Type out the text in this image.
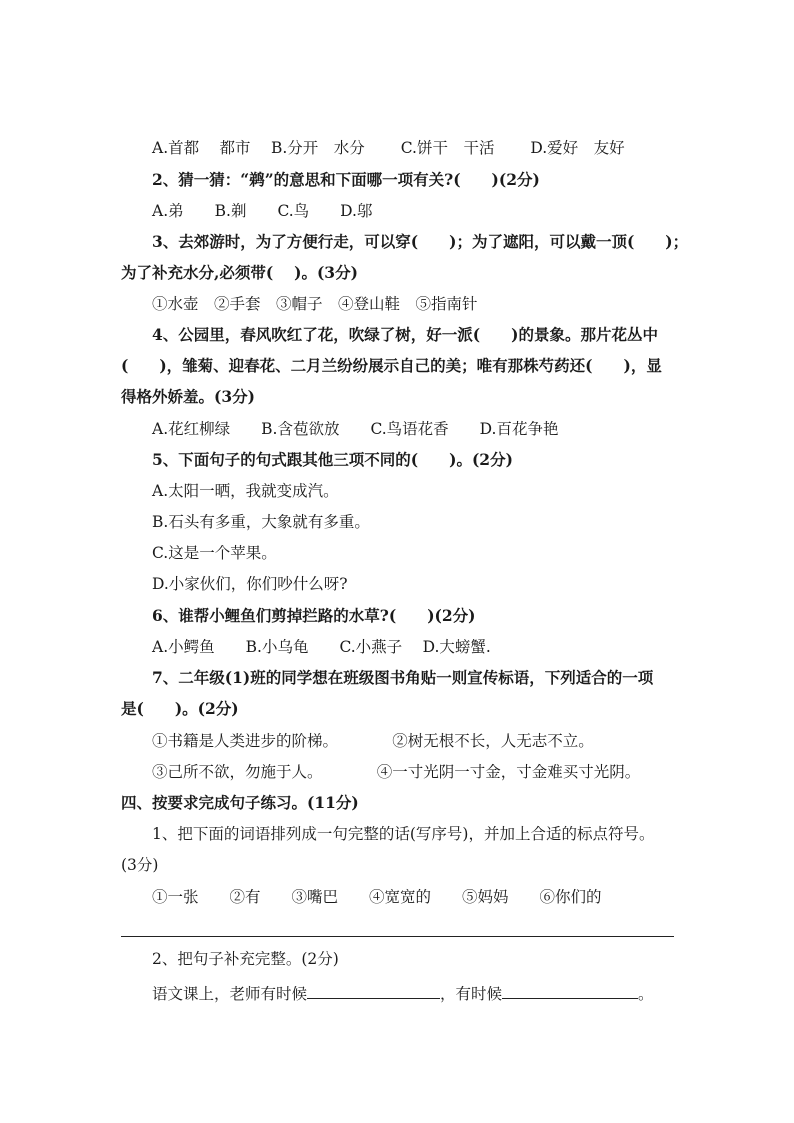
A.首都　 都市　 B.分开　水分　　 C.饼干　干活　　 D.爱好　友好
2、猜一猜：“鹈”的意思和下面哪一项有关?(　　)(2分)
A.弟　　B.剃　　C.鸟　　D.邬
3、去郊游时，为了方便行走，可以穿(　　)；为了遮阳，可以戴一顶(　　)；
为了补充水分,必须带(　 )。(3分)
①水壶　②手套　③帽子　④登山鞋　⑤指南针
4、公园里，春风吹红了花，吹绿了树，好一派(　　)的景象。那片花丛中
(　　)，雏菊、迎春花、二月兰纷纷展示自己的美；唯有那株芍药还(　　)，显
得格外娇羞。(3分)
A.花红柳绿　　B.含苞欲放　　C.鸟语花香　　D.百花争艳
5、下面句子的句式跟其他三项不同的(　　)。(2分)
A.太阳一晒，我就变成汽。
B.石头有多重，大象就有多重。
C.这是一个苹果。
D.小家伙们，你们吵什么呀?
6、谁帮小鲤鱼们剪掉拦路的水草?(　　)(2分)
A.小鳄鱼　　B.小乌龟　　C.小燕子　 D.大螃蟹.
7、二年级(1)班的同学想在班级图书角贴一则宣传标语，下列适合的一项
是(　　)。(2分)
①书籍是人类进步的阶梯。　　　　②树无根不长，人无志不立。
③己所不欲，勿施于人。　　　　④一寸光阴一寸金，寸金难买寸光阴。
四、按要求完成句子练习。(11分)
1、把下面的词语排列成一句完整的话(写序号)，并加上合适的标点符号。
(3分)
①一张　　②有　　③嘴巴　　④宽宽的　　⑤妈妈　　⑥你们的
2、把句子补充完整。(2分)
语文课上，老师有时候	，有时候	。
